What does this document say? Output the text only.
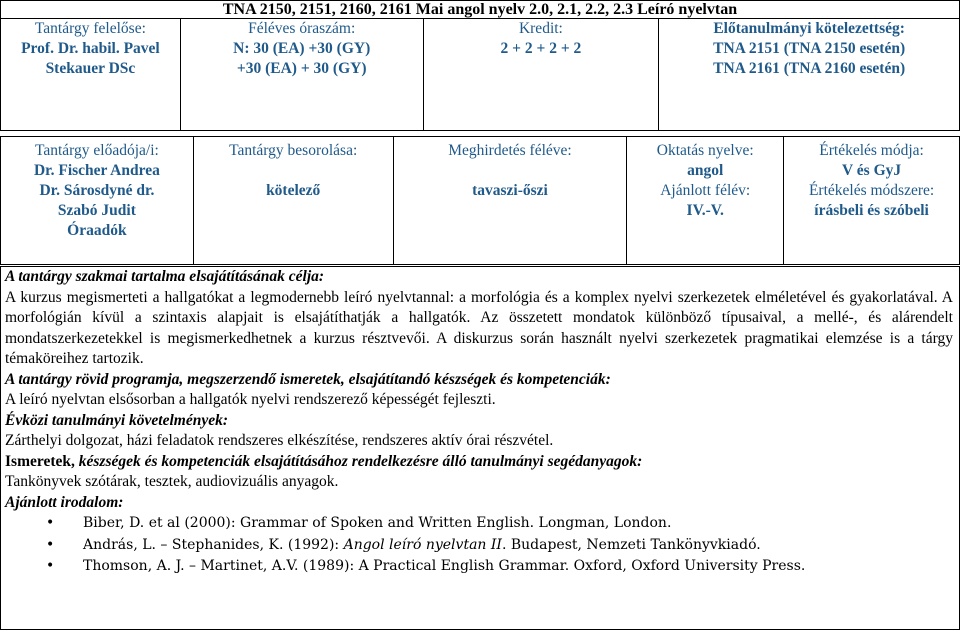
TNA 2150, 2151, 2160, 2161 Mai angol nyelv 2.0, 2.1, 2.2, 2.3 Leíró nyelvtan

Tantárgy felelőse:
Prof. Dr. habil. Pavel
Stekauer DSc

Féléves óraszám:
N: 30 (EA) +30 (GY)
+30 (EA) + 30 (GY)

Kredit:
2 + 2 + 2 + 2

Előtanulmányi kötelezettség:
TNA 2151 (TNA 2150 esetén)
TNA 2161 (TNA 2160 esetén)
Tantárgy előadója/i:
Dr. Fischer Andrea
Dr. Sárosdyné dr.
Szabó Judit
Óraadók

Tantárgy besorolása:
kötelező

Meghirdetés féléve:
tavaszi-őszi

Oktatás nyelve:
angol
Ajánlott félév:
IV.-V.

Értékelés módja:
V és GyJ
Értékelés módszere:
írásbeli és szóbeli

A tantárgy szakmai tartalma elsajátításának célja:

A kurzus megismerteti a hallgatókat a legmodernebb leíró nyelvtannal: a morfológia és a komplex nyelvi szerkezetek elméletével és gyakorlatával. A morfológián kívül a szintaxis alapjait is elsajátíthatják a hallgatók. Az összetett mondatok különböző típusaival, a mellé-, és alárendelt mondatszerkezetekkel is megismerkedhetnek a kurzus résztvevői. A diskurzus során használt nyelvi szerkezetek pragmatikai elemzése is a tárgy témaköreihez tartozik.

A tantárgy rövid programja, megszerzendő ismeretek, elsajátítandó készségek és kompetenciák:

A leíró nyelvtan elsősorban a hallgatók nyelvi rendszerező képességét fejleszti.

Évközi tanulmányi követelmények:

Zárthelyi dolgozat, házi feladatok rendszeres elkészítése, rendszeres aktív órai részvétel.

Ismeretek, készségek és kompetenciák elsajátításához rendelkezésre álló tanulmányi segédanyagok:

Tankönyvek szótárak, tesztek, audiovizuális anyagok.

Ajánlott irodalom:

• Biber, D. et al (2000): Grammar of Spoken and Written English. Longman, London.
• András, L. – Stephanides, K. (1992): Angol leíró nyelvtan II. Budapest, Nemzeti Tankönyvkiadó.
• Thomson, A. J. – Martinet, A.V. (1989): A Practical English Grammar. Oxford, Oxford University Press.
